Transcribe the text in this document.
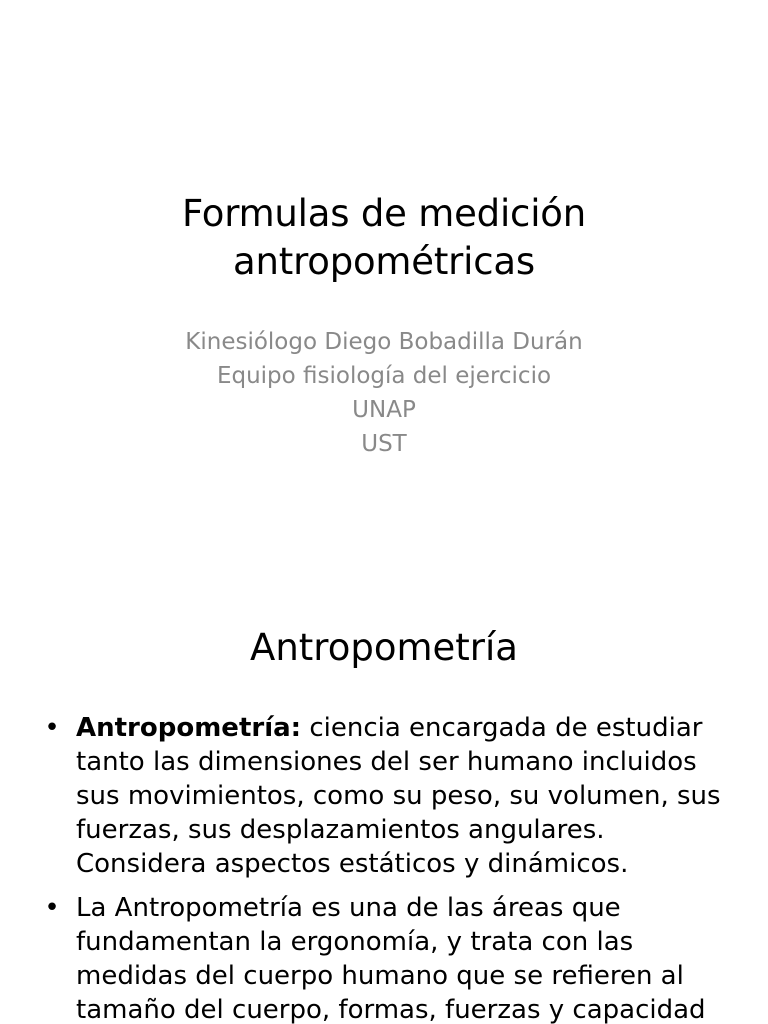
Formulas de medición
antropométricas
Kinesiólogo Diego Bobadilla Durán
Equipo fisiología del ejercicio
UNAP
UST
Antropometría
• Antropometría: ciencia encargada de estudiar tanto las dimensiones del ser humano incluidos sus movimientos, como su peso, su volumen, sus fuerzas, sus desplazamientos angulares. Considera aspectos estáticos y dinámicos.
• La Antropometría es una de las áreas que fundamentan la ergonomía, y trata con las medidas del cuerpo humano que se refieren al tamaño del cuerpo, formas, fuerzas y capacidad
